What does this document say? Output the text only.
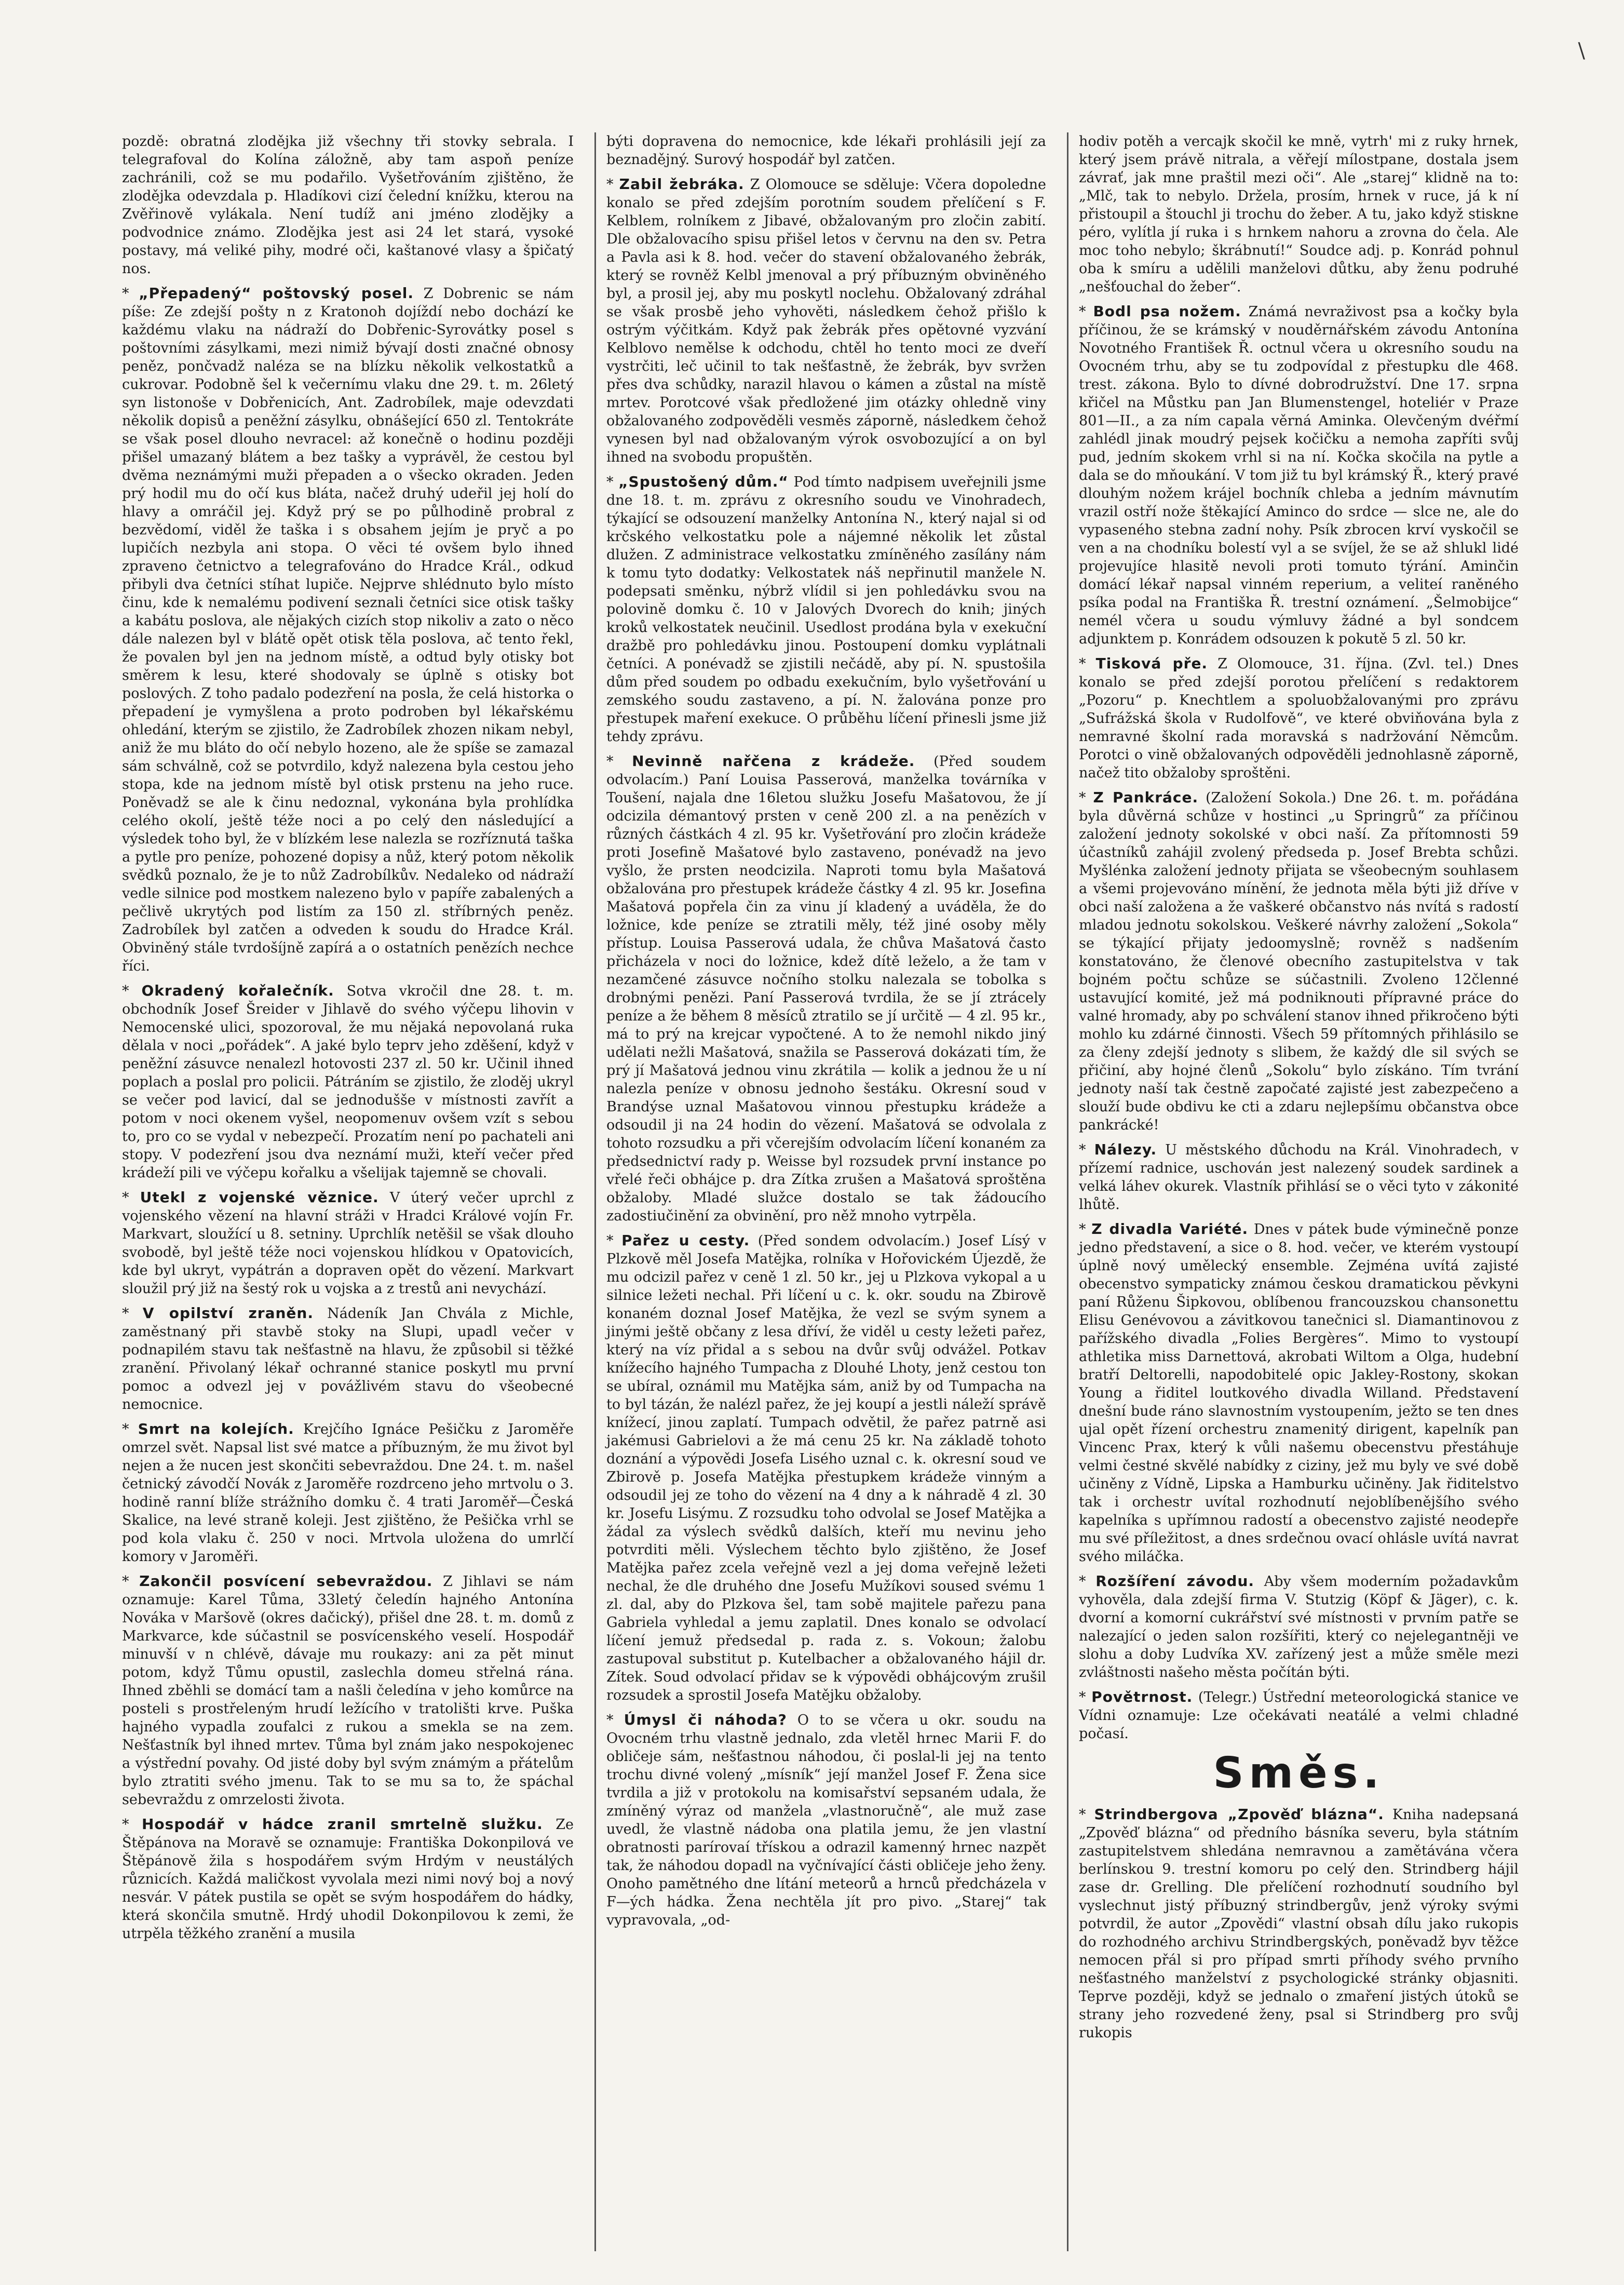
\

pozdě: obratná zlodějka již všechny tři stovky sebrala. I telegrafoval do Kolína záložně, aby tam aspoň peníze zachránili, což se mu podařilo. Vyšetřováním zjištěno, že zlodějka odevzdala p. Hladíkovi cizí čelední knížku, kterou na Zvěřinově vylákala. Není tudíž ani jméno zlodějky a podvodnice známo. Zlodějka jest asi 24 let stará, vysoké postavy, má veliké pihy, modré oči, kaštanové vlasy a špičatý nos.

* „Přepadený“ poštovský posel. Z Dobrenic se nám píše: Ze zdejší pošty n z Kratonoh dojíždí nebo dochází ke každému vlaku na nádraží do Dobřenic-Syrovátky posel s poštovními zásylkami, mezi nimiž bývají dosti značné obnosy peněz, pončvadž naléza se na blízku několik velkostatků a cukrovar. Podobně šel k večernímu vlaku dne 29. t. m. 26letý syn listonoše v Dobřenicích, Ant. Zadrobílek, maje odevzdati několik dopisů a peněžní zásylku, obnášející 650 zl. Tentokráte se však posel dlouho nevracel: až konečně o hodinu později přišel umazaný blátem a bez tašky a vyprávěl, že cestou byl dvěma neznámými muži přepaden a o všecko okraden. Jeden prý hodil mu do očí kus bláta, načež druhý udeřil jej holí do hlavy a omráčil jej. Když prý se po půlhodině probral z bezvědomí, viděl že taška i s obsahem jejím je pryč a po lupičích nezbyla ani stopa. O věci té ovšem bylo ihned zpraveno četnictvo a telegrafováno do Hradce Král., odkud přibyli dva četníci stíhat lupiče. Nejprve shlédnuto bylo místo činu, kde k nemalému podivení seznali četníci sice otisk tašky a kabátu poslova, ale nějakých cizích stop nikoliv a zato o něco dále nalezen byl v blátě opět otisk těla poslova, ač tento řekl, že povalen byl jen na jednom místě, a odtud byly otisky bot směrem k lesu, které shodovaly se úplně s otisky bot poslových. Z toho padalo podezření na posla, že celá historka o přepadení je vymyšlena a proto podroben byl lékařskému ohledání, kterým se zjistilo, že Zadrobílek zhozen nikam nebyl, aniž že mu bláto do očí nebylo hozeno, ale že spíše se zamazal sám schválně, což se potvrdilo, když nalezena byla cestou jeho stopa, kde na jednom místě byl otisk prstenu na jeho ruce. Poněvadž se ale k činu nedoznal, vykonána byla prohlídka celého okolí, ještě téže noci a po celý den následující a výsledek toho byl, že v blízkém lese nalezla se rozříznutá taška a pytle pro peníze, pohozené dopisy a nůž, který potom několik svědků poznalo, že je to nůž Zadrobílkův. Nedaleko od nádraží vedle silnice pod mostkem nalezeno bylo v papíře zabalených a pečlivě ukrytých pod listím za 150 zl. stříbrných peněz. Zadrobílek byl zatčen a odveden k soudu do Hradce Král. Obviněný stále tvrdošíjně zapírá a o ostatních penězích nechce říci.

* Okradený kořalečník. Sotva vkročil dne 28. t. m. obchodník Josef Šreider v Jihlavě do svého výčepu lihovin v Nemocenské ulici, spozoroval, že mu nějaká nepovolaná ruka dělala v noci „pořádek“. A jaké bylo teprv jeho zděšení, když v peněžní zásuvce nenalezl hotovosti 237 zl. 50 kr. Učinil ihned poplach a poslal pro policii. Pátráním se zjistilo, že zloděj ukryl se večer pod lavicí, dal se jednodušše v místnosti zavřít a potom v noci okenem vyšel, neopomenuv ovšem vzít s sebou to, pro co se vydal v nebezpečí. Prozatím není po pachateli ani stopy. V podezření jsou dva neznámí muži, kteří večer před krádeží pili ve výčepu kořalku a všelijak tajemně se chovali.

* Utekl z vojenské věznice. V úterý večer uprchl z vojenského vězení na hlavní stráži v Hradci Králové vojín Fr. Markvart, sloužící u 8. setniny. Uprchlík netěšil se však dlouho svobodě, byl ještě téže noci vojenskou hlídkou v Opatovicích, kde byl ukryt, vypátrán a dopraven opět do vězení. Markvart sloužil prý již na šestý rok u vojska a z trestů ani nevychází.

* V opilství zraněn. Nádeník Jan Chvála z Michle, zaměstnaný při stavbě stoky na Slupi, upadl večer v podnapilém stavu tak nešťastně na hlavu, že způsobil si těžké zranění. Přivolaný lékař ochranné stanice poskytl mu první pomoc a odvezl jej v povážlivém stavu do všeobecné nemocnice.

* Smrt na kolejích. Krejčího Ignáce Pešičku z Jaroměře omrzel svět. Napsal list své matce a příbuzným, že mu život byl nejen a že nucen jest skončiti sebevraždou. Dne 24. t. m. našel četnický závodčí Novák z Jaroměře rozdrceno jeho mrtvolu o 3. hodině ranní blíže strážního domku č. 4 trati Jaroměř—Česká Skalice, na levé straně koleji. Jest zjištěno, že Pešička vrhl se pod kola vlaku č. 250 v noci. Mrtvola uložena do umrlčí komory v Jaroměři.

* Zakončil posvícení sebevraždou. Z Jihlavi se nám oznamuje: Karel Tůma, 33letý čeledín hajného Antonína Nováka v Maršově (okres dačický), přišel dne 28. t. m. domů z Markvarce, kde súčastnil se posvícenského veselí. Hospodář minuvší v n chlévě, dávaje mu roukazy: ani za pět minut potom, když Tůmu opustil, zaslechla domeu střelná rána. Ihned zběhli se domácí tam a našli čeledína v jeho komůrce na posteli s prostřeleným hrudí ležícího v tratolišti krve. Puška hajného vypadla zoufalci z rukou a smekla se na zem. Nešťastník byl ihned mrtev. Tůma byl znám jako nespokojenec a výstřední povahy. Od jisté doby byl svým známým a přátelům bylo ztratiti svého jmenu. Tak to se mu sa to, že spáchal sebevraždu z omrzelosti života.

* Hospodář v hádce zranil smrtelně služku. Ze Štěpánova na Moravě se oznamuje: Františka Dokonpilová ve Štěpánově žila s hospodářem svým Hrdým v neustálých různicích. Každá maličkost vyvolala mezi nimi nový boj a nový nesvár. V pátek pustila se opět se svým hospodářem do hádky, která skončila smutně. Hrdý uhodil Dokonpilovou k zemi, že utrpěla těžkého zranění a musila

býti dopravena do nemocnice, kde lékaři prohlásili její za beznadějný. Surový hospodář byl zatčen.

* Zabil žebráka. Z Olomouce se sděluje: Včera dopoledne konalo se před zdejším porotním soudem přelíčení s F. Kelblem, rolníkem z Jibavé, obžalovaným pro zločin zabití. Dle obžalovacího spisu přišel letos v červnu na den sv. Petra a Pavla asi k 8. hod. večer do stavení obžalovaného žebrák, který se rovněž Kelbl jmenoval a prý příbuzným obviněného byl, a prosil jej, aby mu poskytl noclehu. Obžalovaný zdráhal se však prosbě jeho vyhověti, následkem čehož přišlo k ostrým výčitkám. Když pak žebrák přes opětovné vyzvání Kelblovo nemělse k odchodu, chtěl ho tento moci ze dveří vystrčiti, leč učinil to tak nešťastně, že žebrák, byv svržen přes dva schůdky, narazil hlavou o kámen a zůstal na místě mrtev. Porotcové však předložené jim otázky ohledně viny obžalovaného zodpověděli vesměs záporně, následkem čehož vynesen byl nad obžalovaným výrok osvobozující a on byl ihned na svobodu propuštěn.

* „Spustošený dům.“ Pod tímto nadpisem uveřejnili jsme dne 18. t. m. zprávu z okresního soudu ve Vinohradech, týkající se odsouzení manželky Antonína N., který najal si od krčského velkostatku pole a nájemné několik let zůstal dlužen. Z administrace velkostatku zmíněného zasílány nám k tomu tyto dodatky: Velkostatek náš nepřinutil manžele N. podepsati směnku, nýbrž vlídil si jen pohledávku svou na polovině domku č. 10 v Jalových Dvorech do knih; jiných kroků velkostatek neučinil. Usedlost prodána byla v exekuční dražbě pro pohledávku jinou. Postoupení domku vyplátnali četníci. A ponévadž se zjistili nečádě, aby pí. N. spustošila dům před soudem po odbadu exekučním, bylo vyšetřování u zemského soudu zastaveno, a pí. N. žalována ponze pro přestupek maření exekuce. O průběhu líčení přinesli jsme již tehdy zprávu.

* Nevinně nařčena z krádeže. (Před soudem odvolacím.) Paní Louisa Passerová, manželka továrníka v Toušení, najala dne 16letou služku Josefu Mašatovou, že jí odcizila démantový prsten v ceně 200 zl. a na penězích v různých částkách 4 zl. 95 kr. Vyšetřování pro zločin krádeže proti Josefině Mašatové bylo zastaveno, ponévadž na jevo vyšlo, že prsten neodcizila. Naproti tomu byla Mašatová obžalována pro přestupek krádeže částky 4 zl. 95 kr. Josefina Mašatová popřela čin za vinu jí kladený a uváděla, že do ložnice, kde peníze se ztratili měly, též jiné osoby měly přístup. Louisa Passerová udala, že chůva Mašatová často přicházela v noci do ložnice, kdež dítě leželo, a že tam v nezamčené zásuvce nočního stolku nalezala se tobolka s drobnými penězi. Paní Passerová tvrdila, že se jí ztrácely peníze a že během 8 měsíců ztratilo se jí určitě — 4 zl. 95 kr., má to prý na krejcar vypočtené. A to že nemohl nikdo jiný udělati nežli Mašatová, snažila se Passerová dokázati tím, že prý jí Mašatová jednou vinu zkrátila — kolik a jednou že u ní nalezla peníze v obnosu jednoho šestáku. Okresní soud v Brandýse uznal Mašatovou vinnou přestupku krádeže a odsoudil ji na 24 hodin do vězení. Mašatová se odvolala z tohoto rozsudku a při včerejším odvolacím líčení konaném za předsednictví rady p. Weisse byl rozsudek první instance po vřelé řeči obhájce p. dra Zítka zrušen a Mašatová sproštěna obžaloby. Mladé služce dostalo se tak žádoucího zadostiučinění za obvinění, pro něž mnoho vytrpěla.

* Pařez u cesty. (Před sondem odvolacím.) Josef Lísý v Plzkově měl Josefa Matějka, rolníka v Hořovickém Újezdě, že mu odcizil pařez v ceně 1 zl. 50 kr., jej u Plzkova vykopal a u silnice ležeti nechal. Při líčení u c. k. okr. soudu na Zbirově konaném doznal Josef Matějka, že vezl se svým synem a jinými ještě občany z lesa dříví, že viděl u cesty ležeti pařez, který na víz přidal a s sebou na dvůr svůj odvážel. Potkav knížecího hajného Tumpacha z Dlouhé Lhoty, jenž cestou ton se ubíral, oznámil mu Matějka sám, aniž by od Tumpacha na to byl tázán, že nalézl pařez, že jej koupí a jestli náleží správě knížecí, jinou zaplatí. Tumpach odvětil, že pařez patrně asi jakémusi Gabrielovi a že má cenu 25 kr. Na základě tohoto doznání a výpovědi Josefa Lisého uznal c. k. okresní soud ve Zbirově p. Josefa Matějka přestupkem krádeže vinným a odsoudil jej ze toho do vězení na 4 dny a k náhradě 4 zl. 30 kr. Josefu Lisýmu. Z rozsudku toho odvolal se Josef Matějka a žádal za výslech svědků dalších, kteří mu nevinu jeho potvrditi měli. Výslechem těchto bylo zjištěno, že Josef Matějka pařez zcela veřejně vezl a jej doma veřejně ležeti nechal, že dle druhého dne Josefu Mužíkovi soused svému 1 zl. dal, aby do Plzkova šel, tam sobě majitele pařezu pana Gabriela vyhledal a jemu zaplatil. Dnes konalo se odvolací líčení jemuž předsedal p. rada z. s. Vokoun; žalobu zastupoval substitut p. Kutelbacher a obžalovaného hájil dr. Zítek. Soud odvolací přidav se k výpovědi obhájcovým zrušil rozsudek a sprostil Josefa Matějku obžaloby.

* Úmysl či náhoda? O to se včera u okr. soudu na Ovocném trhu vlastně jednalo, zda vletěl hrnec Marii F. do obličeje sám, nešťastnou náhodou, či poslal-li jej na tento trochu divné volený „mísník“ její manžel Josef F. Žena sice tvrdila a již v protokolu na komisařství sepsaném udala, že zmíněný výraz od manžela „vlastnoručně“, ale muž zase uvedl, že vlastně nádoba ona platila jemu, že jen vlastní obratnosti parírovaí třískou a odrazil kamenný hrnec nazpět tak, že náhodou dopadl na vyčnívající části obličeje jeho ženy. Onoho pamětného dne lítání meteorů a hrnců předcházela v F—ých hádka. Žena nechtěla jít pro pivo. „Starej“ tak vypravovala, „od-

hodiv potěh a vercajk skočil ke mně, vytrh' mi z ruky hrnek, který jsem právě nitrala, a věřejí mílostpane, dostala jsem závrať, jak mne praštil mezi oči“. Ale „starej“ klidně na to: „Mlč, tak to nebylo. Držela, prosím, hrnek v ruce, já k ní přistoupil a štouchl ji trochu do žeber. A tu, jako když stiskne péro, vylítla jí ruka i s hrnkem nahoru a zrovna do čela. Ale moc toho nebylo; škrábnutí!“ Soudce adj. p. Konrád pohnul oba k smíru a udělili manželovi důtku, aby ženu podruhé „nešťouchal do žeber“.

* Bodl psa nožem. Známá nevraživost psa a kočky byla příčinou, že se krámský v nouděrnářském závodu Antonína Novotného František Ř. octnul včera u okresního soudu na Ovocném trhu, aby se tu zodpovídal z přestupku dle 468. trest. zákona. Bylo to dívné dobrodružství. Dne 17. srpna křičel na Můstku pan Jan Blumenstengel, hoteliér v Praze 801—II., a za ním capala věrná Aminka. Olevčeným dvéřmí zahlédl jinak moudrý pejsek kočičku a nemoha zapříti svůj pud, jedním skokem vrhl si na ní. Kočka skočila na pytle a dala se do mňoukání. V tom již tu byl krámský Ř., který pravé dlouhým nožem krájel bochník chleba a jedním mávnutím vrazil ostří nože štěkající Aminco do srdce — slce ne, ale do vypaseného stebna zadní nohy. Psík zbrocen krví vyskočil se ven a na chodníku bolestí vyl a se svíjel, že se až shlukl lidé projevujíce hlasitě nevoli proti tomuto týrání. Aminčin domácí lékař napsal vinném reperium, a veliteí raněného psíka podal na Františka Ř. trestní oznámení. „Šelmobijce“ nemél včera u soudu výmluvy žádné a byl sondcem adjunktem p. Konrádem odsouzen k pokutě 5 zl. 50 kr.

* Tisková pře. Z Olomouce, 31. října. (Zvl. tel.) Dnes konalo se před zdejší porotou přelíčení s redaktorem „Pozoru“ p. Knechtlem a spoluobžalovanými pro zprávu „Sufrážská škola v Rudolfově“, ve které obviňována byla z nemravné školní rada moravská s nadržování Němcům. Porotci o vině obžalovaných odpověděli jednohlasně záporně, načež tito obžaloby sproštěni.

* Z Pankráce. (Založení Sokola.) Dne 26. t. m. pořádána byla důvěrná schůze v hostinci „u Springrů“ za příčinou založení jednoty sokolské v obci naší. Za přítomnosti 59 účastníků zahájil zvolený předseda p. Josef Brebta schůzi. Myšlénka založení jednoty přijata se všeobecným souhlasem a všemi projevováno mínění, že jednota měla býti již dříve v obci naší založena a že vaškeré občanstvo nás nvítá s radostí mladou jednotu sokolskou. Veškeré návrhy založení „Sokola“ se týkající přijaty jedoomyslně; rovněž s nadšením konstatováno, že členové obecního zastupitelstva v tak bojném počtu schůze se súčastnili. Zvoleno 12členné ustavující komité, jež má podniknouti přípravné práce do valné hromady, aby po schválení stanov ihned přikročeno býti mohlo ku zdárné činnosti. Všech 59 přítomných přihlásilo se za členy zdejší jednoty s slibem, že každý dle sil svých se přičiní, aby hojné členů „Sokolu“ bylo získáno. Tím tvrání jednoty naší tak čestně započaté zajisté jest zabezpečeno a slouží bude obdivu ke cti a zdaru nejlepšímu občanstva obce pankrácké!

* Nálezy. U městského důchodu na Král. Vinohradech, v přízemí radnice, uschován jest nalezený soudek sardinek a velká láhev okurek. Vlastník přihlásí se o věci tyto v zákonité lhůtě.

* Z divadla Variété. Dnes v pátek bude výminečně ponze jedno představení, a sice o 8. hod. večer, ve kterém vystoupí úplně nový umělecký ensemble. Zejména uvítá zajisté obecenstvo sympaticky známou českou dramatickou pěvkyni paní Růženu Šipkovou, oblíbenou francouzskou chansonettu Elisu Genévovou a závitkovou tanečnici sl. Diamantinovou z pařížského divadla „Folies Bergères“. Mimo to vystoupí athletika miss Darnettová, akrobati Wiltom a Olga, hudební bratří Deltorelli, napodobitelé opic Jakley-Rostony, skokan Young a řiditel loutkového divadla Willand. Představení dnešní bude ráno slavnostním vystoupením, ježto se ten dnes ujal opět řízení orchestru znamenitý dirigent, kapelník pan Vincenc Prax, který k vůli našemu obecenstvu přestáhuje velmi čestné skvělé nabídky z ciziny, jež mu byly ve své době učiněny z Vídně, Lipska a Hamburku učiněny. Jak řiditelstvo tak i orchestr uvítal rozhodnutí nejoblíbenějšího svého kapelníka s upřímnou radostí a obecenstvo zajisté neodepře mu své příležitost, a dnes srdečnou ovací ohlásle uvítá navrat svého miláčka.

* Rozšíření závodu. Aby všem moderním požadavkům vyhověla, dala zdejší firma V. Stutzig (Köpf & Jäger), c. k. dvorní a komorní cukrářství své místnosti v prvním patře se nalezající o jeden salon rozšířiti, který co nejelegantněji ve slohu a doby Ludvíka XV. zařízený jest a může směle mezi zvláštnosti našeho města počítán býti.

* Povětrnost. (Telegr.) Ústřední meteorologická stanice ve Vídni oznamuje: Lze očekávati neatálé a velmi chladné počasí.

Směs.

* Strindbergova „Zpověď blázna“. Kniha nadepsaná „Zpověď blázna“ od předního básníka severu, byla státním zastupitelstvem shledána nemravnou a zamětávána včera berlínskou 9. trestní komoru po celý den. Strindberg hájil zase dr. Grelling. Dle přelíčení rozhodnutí soudního byl vyslechnut jistý příbuzný strindbergův, jenž výroky svými potvrdil, že autor „Zpovědi“ vlastní obsah dílu jako rukopis do rozhodného archivu Strindbergských, poněvadž byv těžce nemocen přál si pro případ smrti příhody svého prvního nešťastného manželství z psychologické stránky objasniti. Teprve později, když se jednalo o zmaření jistých útoků se strany jeho rozvedené ženy, psal si Strindberg pro svůj rukopis
